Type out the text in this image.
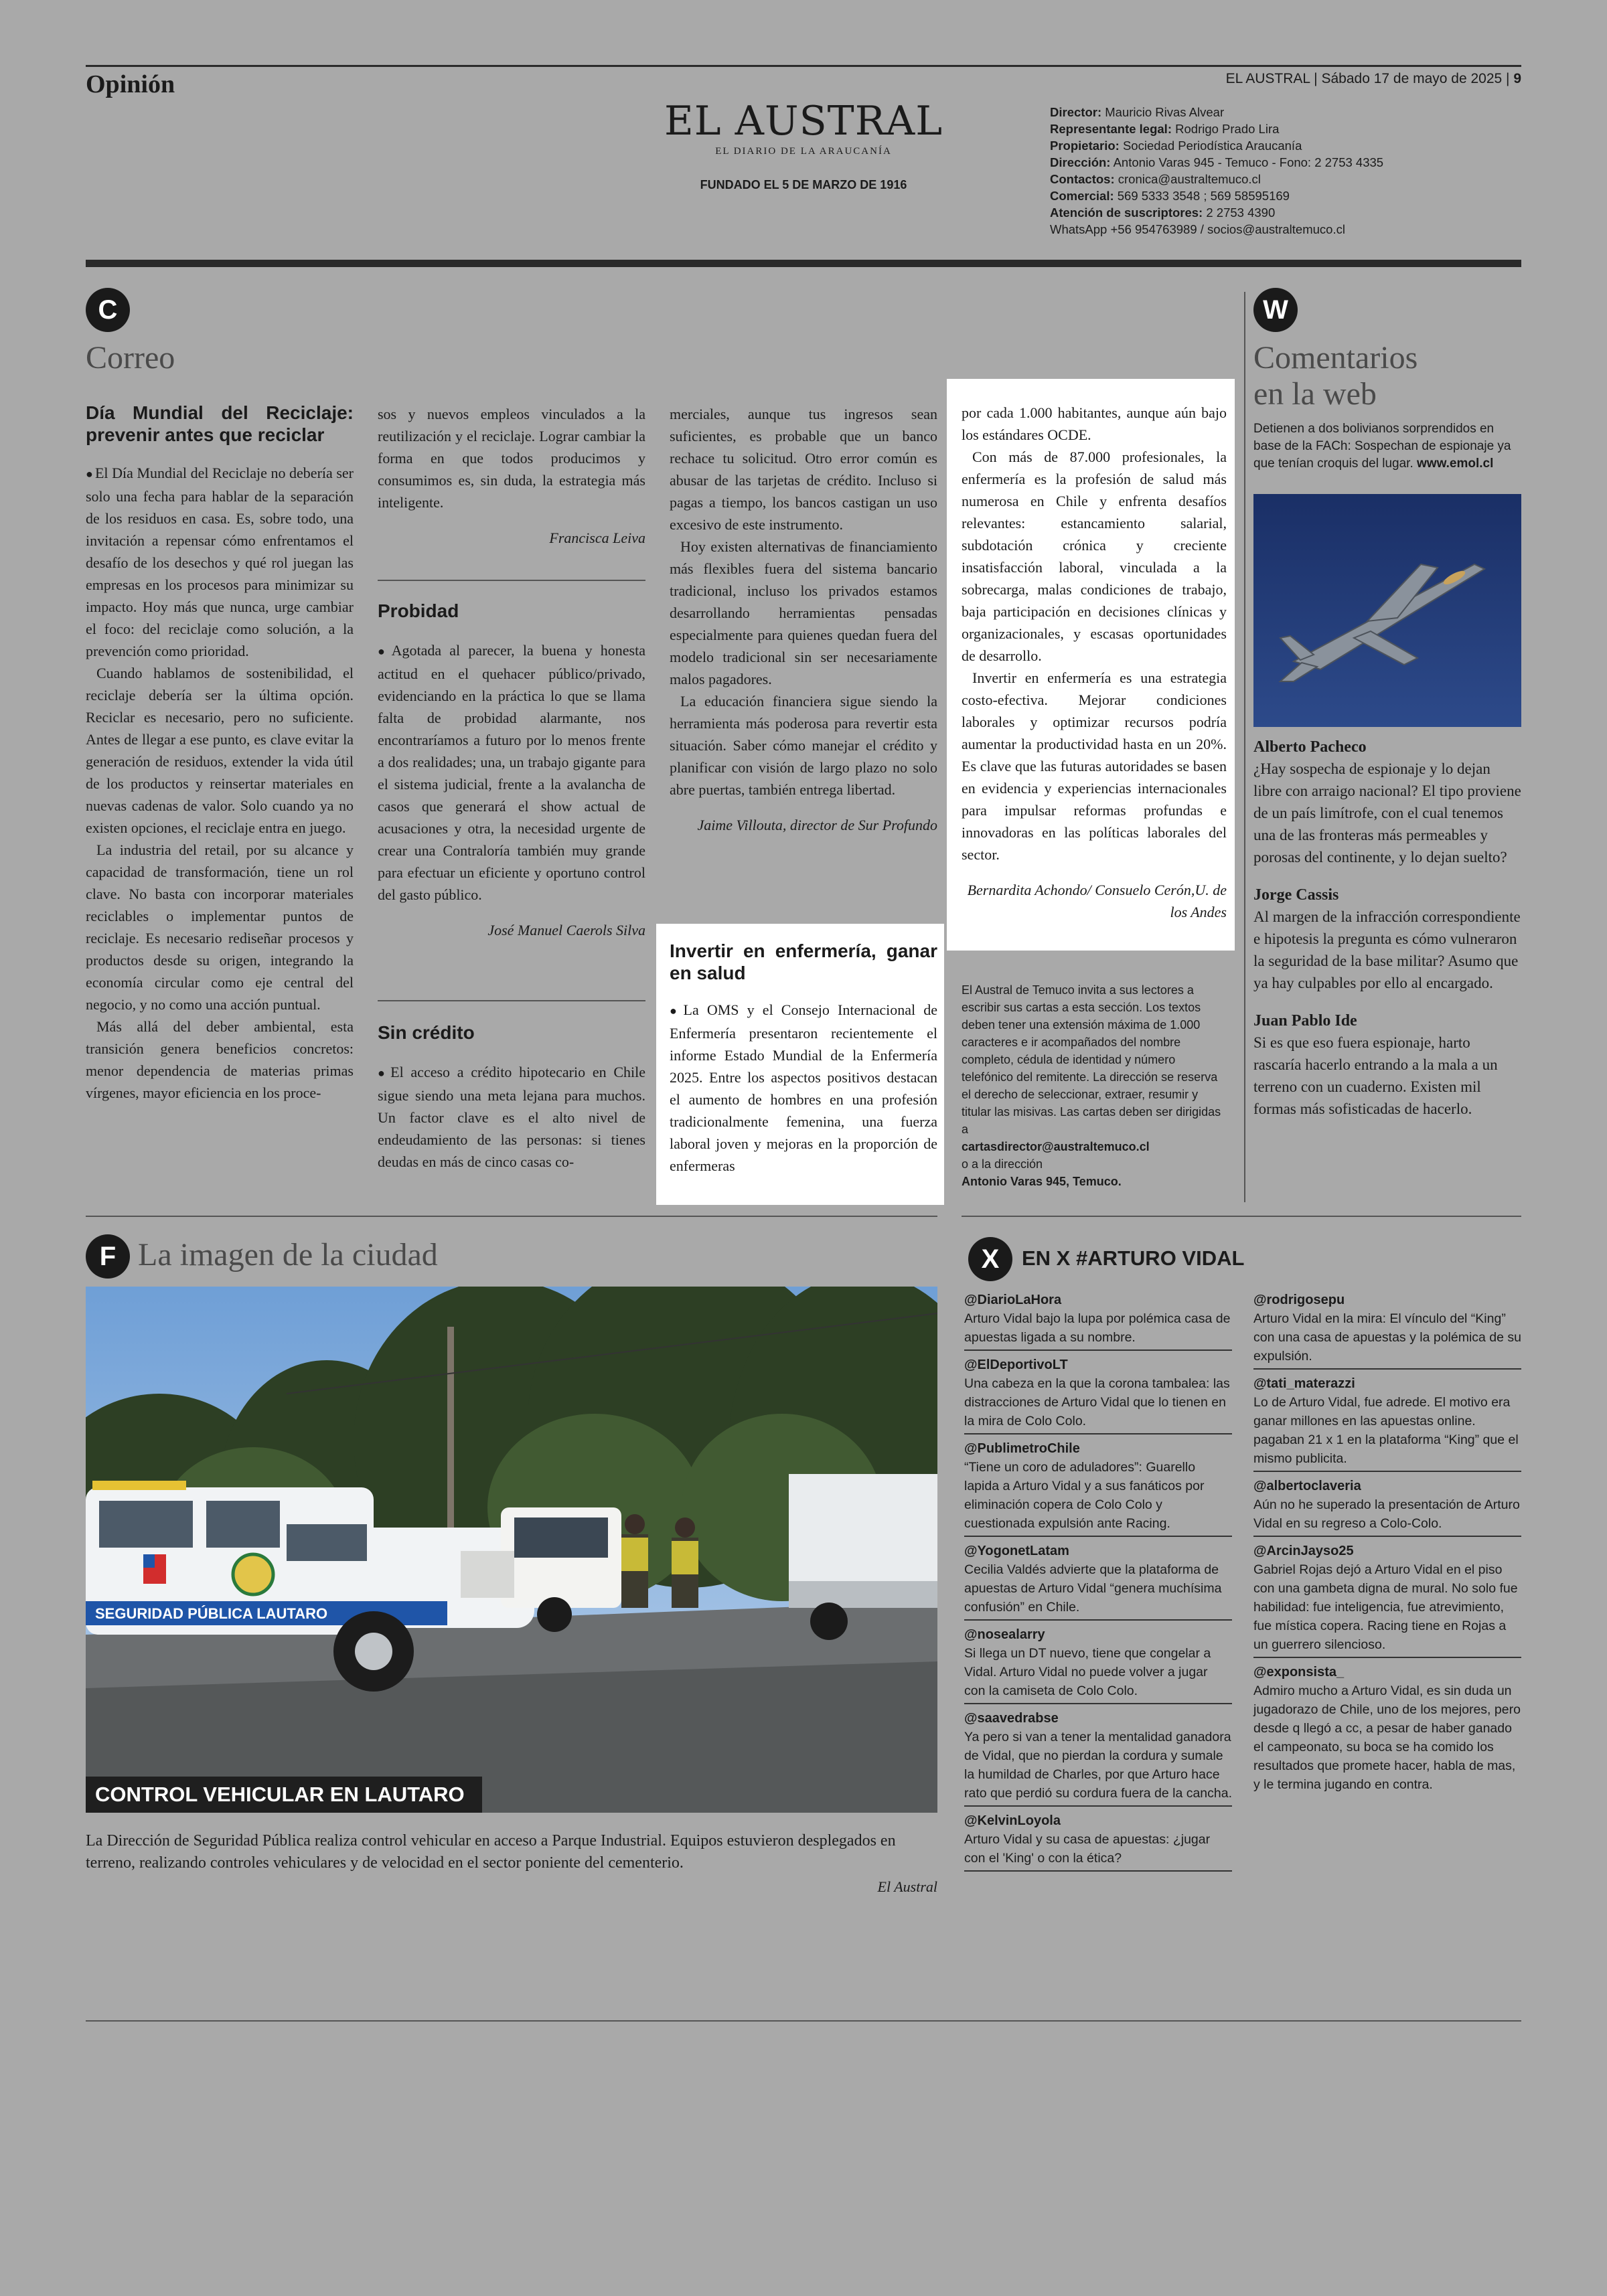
Opinión	EL AUSTRAL | Sábado 17 de mayo de 2025 | 9
EL AUSTRAL
EL DIARIO DE LA ARAUCANÍA
FUNDADO EL 5 DE MARZO DE 1916
Director: Mauricio Rivas Alvear
Representante legal: Rodrigo Prado Lira
Propietario: Sociedad Periodística Araucanía
Dirección: Antonio Varas 945 - Temuco - Fono: 2 2753 4335
Contactos: cronica@australtemuco.cl
Comercial: 569 5333 3548 ; 569 58595169
Atención de suscriptores: 2 2753 4390
WhatsApp +56 954763989 / socios@australtemuco.cl
C
Correo
Día Mundial del Reciclaje: prevenir antes que reciclar

● El Día Mundial del Reciclaje no debería ser solo una fecha para hablar de la separación de los residuos en casa. Es, sobre todo, una invitación a repensar cómo enfrentamos el desafío de los desechos y qué rol juegan las empresas en los procesos para minimizar su impacto. Hoy más que nunca, urge cambiar el foco: del reciclaje como solución, a la prevención como prioridad.

Cuando hablamos de sostenibilidad, el reciclaje debería ser la última opción. Reciclar es necesario, pero no suficiente. Antes de llegar a ese punto, es clave evitar la generación de residuos, extender la vida útil de los productos y reinsertar materiales en nuevas cadenas de valor. Solo cuando ya no existen opciones, el reciclaje entra en juego.

La industria del retail, por su alcance y capacidad de transformación, tiene un rol clave. No basta con incorporar materiales reciclables o implementar puntos de reciclaje. Es necesario rediseñar procesos y productos desde su origen, integrando la economía circular como eje central del negocio, y no como una acción puntual.

Más allá del deber ambiental, esta transición genera beneficios concretos: menor dependencia de materias primas vírgenes, mayor eficiencia en los proce-

sos y nuevos empleos vinculados a la reutilización y el reciclaje. Lograr cambiar la forma en que todos producimos y consumimos es, sin duda, la estrategia más inteligente.

Francisca Leiva
Probidad

● Agotada al parecer, la buena y honesta actitud en el quehacer público/privado, evidenciando en la práctica lo que se llama falta de probidad alarmante, nos encontraríamos a futuro por lo menos frente a dos realidades; una, un trabajo gigante para el sistema judicial, frente a la avalancha de casos que generará el show actual de acusaciones y otra, la necesidad urgente de crear una Contraloría también muy grande para efectuar un eficiente y oportuno control del gasto público.

José Manuel Caerols Silva
Sin crédito

● El acceso a crédito hipotecario en Chile sigue siendo una meta lejana para muchos. Un factor clave es el alto nivel de endeudamiento de las personas: si tienes deudas en más de cinco casas co-

merciales, aunque tus ingresos sean suficientes, es probable que un banco rechace tu solicitud. Otro error común es abusar de las tarjetas de crédito. Incluso si pagas a tiempo, los bancos castigan un uso excesivo de este instrumento.

Hoy existen alternativas de financiamiento más flexibles fuera del sistema bancario tradicional, incluso los privados estamos desarrollando herramientas pensadas especialmente para quienes quedan fuera del modelo tradicional sin ser necesariamente malos pagadores.

La educación financiera sigue siendo la herramienta más poderosa para revertir esta situación. Saber cómo manejar el crédito y planificar con visión de largo plazo no solo abre puertas, también entrega libertad.

Jaime Villouta, director de Sur Profundo
Invertir en enfermería, ganar en salud

● La OMS y el Consejo Internacional de Enfermería presentaron recientemente el informe Estado Mundial de la Enfermería 2025. Entre los aspectos positivos destacan el aumento de hombres en una profesión tradicionalmente femenina, una fuerza laboral joven y mejoras en la proporción de enfermeras

por cada 1.000 habitantes, aunque aún bajo los estándares OCDE.

Con más de 87.000 profesionales, la enfermería es la profesión de salud más numerosa en Chile y enfrenta desafíos relevantes: estancamiento salarial, subdotación crónica y creciente insatisfacción laboral, vinculada a la sobrecarga, malas condiciones de trabajo, baja participación en decisiones clínicas y organizacionales, y escasas oportunidades de desarrollo.

Invertir en enfermería es una estrategia costo-efectiva. Mejorar condiciones laborales y optimizar recursos podría aumentar la productividad hasta en un 20%. Es clave que las futuras autoridades se basen en evidencia y experiencias internacionales para impulsar reformas profundas e innovadoras en las políticas laborales del sector.

Bernardita Achondo/ Consuelo Cerón,U. de los Andes
El Austral de Temuco invita a sus lectores a escribir sus cartas a esta sección. Los textos deben tener una extensión máxima de 1.000 caracteres e ir acompañados del nombre completo, cédula de identidad y número telefónico del remitente. La dirección se reserva el derecho de seleccionar, extraer, resumir y titular las misivas. Las cartas deben ser dirigidas a
cartasdirector@australtemuco.cl
o a la dirección
Antonio Varas 945, Temuco.
W
Comentarios
en la web
Detienen a dos bolivianos sorprendidos en base de la FACh: Sospechan de espionaje ya que tenían croquis del lugar. www.emol.cl
Alberto Pacheco
¿Hay sospecha de espionaje y lo dejan libre con arraigo nacional? El tipo proviene de un país limítrofe, con el cual tenemos una de las fronteras más permeables y porosas del continente, y lo dejan suelto?
Jorge Cassis
Al margen de la infracción correspondiente e hipotesis la pregunta es cómo vulneraron la seguridad de la base militar? Asumo que ya hay culpables por ello al encargado.
Juan Pablo Ide
Si es que eso fuera espionaje, harto rascaría hacerlo entrando a la mala a un terreno con un cuaderno. Existen mil formas más sofisticadas de hacerlo.
F La imagen de la ciudad
SEGURIDAD PÚBLICA LAUTARO
CONTROL VEHICULAR EN LAUTARO
La Dirección de Seguridad Pública realiza control vehicular en acceso a Parque Industrial. Equipos estuvieron desplegados en terreno, realizando controles vehiculares y de velocidad en el sector poniente del cementerio.
El Austral
X	EN X #ARTURO VIDAL
@DiarioLaHora
Arturo Vidal bajo la lupa por polémica casa de apuestas ligada a su nombre.
@ElDeportivoLT
Una cabeza en la que la corona tambalea: las distracciones de Arturo Vidal que lo tienen en la mira de Colo Colo.
@PublimetroChile
“Tiene un coro de aduladores”: Guarello lapida a Arturo Vidal y a sus fanáticos por eliminación copera de Colo Colo y cuestionada expulsión ante Racing.
@YogonetLatam
Cecilia Valdés advierte que la plataforma de apuestas de Arturo Vidal “genera muchísima confusión” en Chile.
@nosealarry
Si llega un DT nuevo, tiene que congelar a Vidal. Arturo Vidal no puede volver a jugar con la camiseta de Colo Colo.
@saavedrabse
Ya pero si van a tener la mentalidad ganadora de Vidal, que no pierdan la cordura y sumale la humildad de Charles, por que Arturo hace rato que perdió su cordura fuera de la cancha.
@KelvinLoyola
Arturo Vidal y su casa de apuestas: ¿jugar con el 'King' o con la ética?
@rodrigosepu
Arturo Vidal en la mira: El vínculo del “King” con una casa de apuestas y la polémica de su expulsión.
@tati_materazzi
Lo de Arturo Vidal, fue adrede. El motivo era ganar millones en las apuestas online. pagaban 21 x 1 en la plataforma “King” que el mismo publicita.
@albertoclaveria
Aún no he superado la presentación de Arturo Vidal en su regreso a Colo-Colo.
@ArcinJayso25
Gabriel Rojas dejó a Arturo Vidal en el piso con una gambeta digna de mural. No solo fue habilidad: fue inteligencia, fue atrevimiento, fue mística copera. Racing tiene en Rojas a un guerrero silencioso.
@exponsista_
Admiro mucho a Arturo Vidal, es sin duda un jugadorazo de Chile, uno de los mejores, pero desde q llegó a cc, a pesar de haber ganado el campeonato, su boca se ha comido los resultados que promete hacer, habla de mas, y le termina jugando en contra.
